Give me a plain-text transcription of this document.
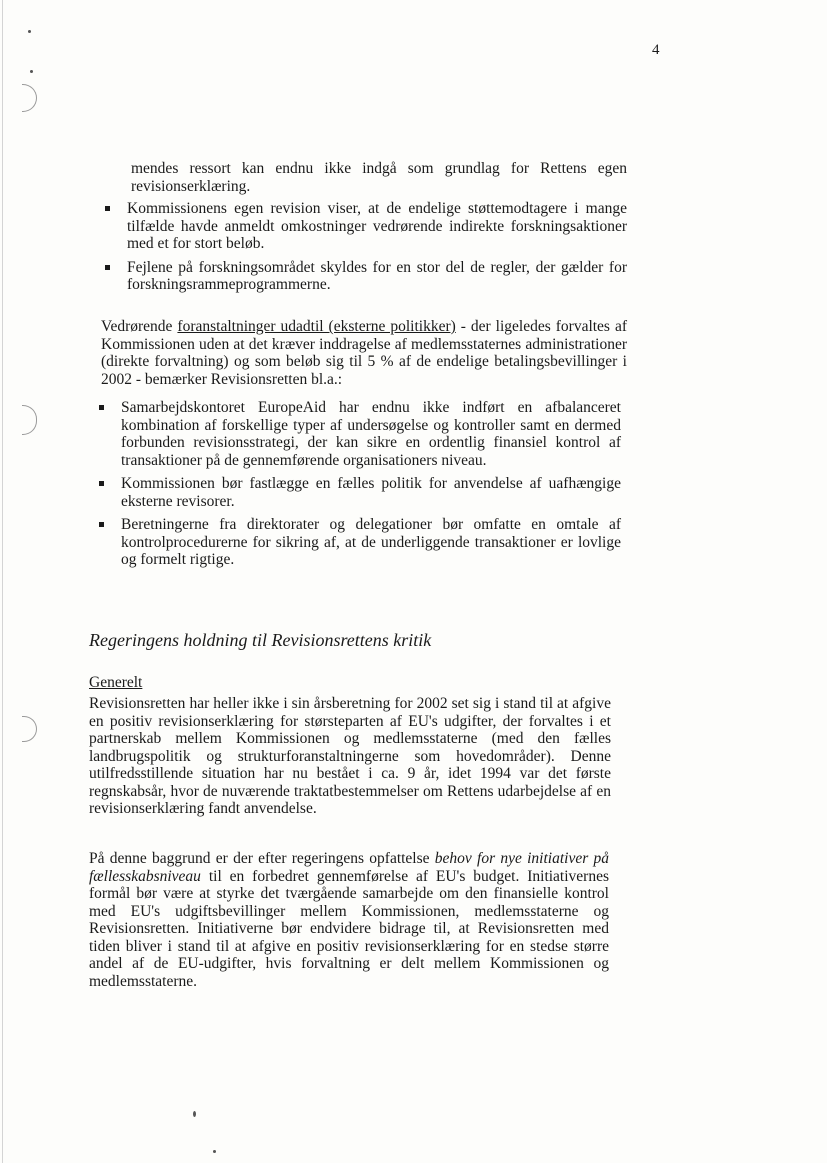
4
mendes ressort kan endnu ikke indgå som grundlag for Rettens egen revisionserklæring.
Kommissionens egen revision viser, at de endelige støttemodtagere i mange tilfælde havde anmeldt omkostninger vedrørende indirekte forskningsaktioner med et for stort beløb.
Fejlene på forskningsområdet skyldes for en stor del de regler, der gælder for forskningsrammeprogrammerne.

Vedrørende foranstaltninger udadtil (eksterne politikker) - der ligeledes forvaltes af Kommissionen uden at det kræver inddragelse af medlemsstaternes administrationer (direkte forvaltning) og som beløb sig til 5 % af de endelige betalingsbevillinger i 2002 - bemærker Revisionsretten bl.a.:

Samarbejdskontoret EuropeAid har endnu ikke indført en afbalanceret kombination af forskellige typer af undersøgelse og kontroller samt en dermed forbunden revisionsstrategi, der kan sikre en ordentlig finansiel kontrol af transaktioner på de gennemførende organisationers niveau.
Kommissionen bør fastlægge en fælles politik for anvendelse af uafhængige eksterne revisorer.
Beretningerne fra direktorater og delegationer bør omfatte en omtale af kontrolprocedurerne for sikring af, at de underliggende transaktioner er lovlige og formelt rigtige.
Regeringens holdning til Revisionsrettens kritik
Generelt

Revisionsretten har heller ikke i sin årsberetning for 2002 set sig i stand til at afgive en positiv revisionserklæring for størsteparten af EU's udgifter, der forvaltes i et partnerskab mellem Kommissionen og medlemsstaterne (med den fælles landbrugspolitik og strukturforanstaltningerne som hovedområder). Denne utilfredsstillende situation har nu bestået i ca. 9 år, idet 1994 var det første regnskabsår, hvor de nuværende traktatbestemmelser om Rettens udarbejdelse af en revisionserklæring fandt anvendelse.

På denne baggrund er der efter regeringens opfattelse behov for nye initiativer på fællesskabsniveau til en forbedret gennemførelse af EU's budget. Initiativernes formål bør være at styrke det tværgående samarbejde om den finansielle kontrol med EU's udgiftsbevillinger mellem Kommissionen, medlemsstaterne og Revisionsretten. Initiativerne bør endvidere bidrage til, at Revisionsretten med tiden bliver i stand til at afgive en positiv revisionserklæring for en stedse større andel af de EU-udgifter, hvis forvaltning er delt mellem Kommissionen og medlemsstaterne.
